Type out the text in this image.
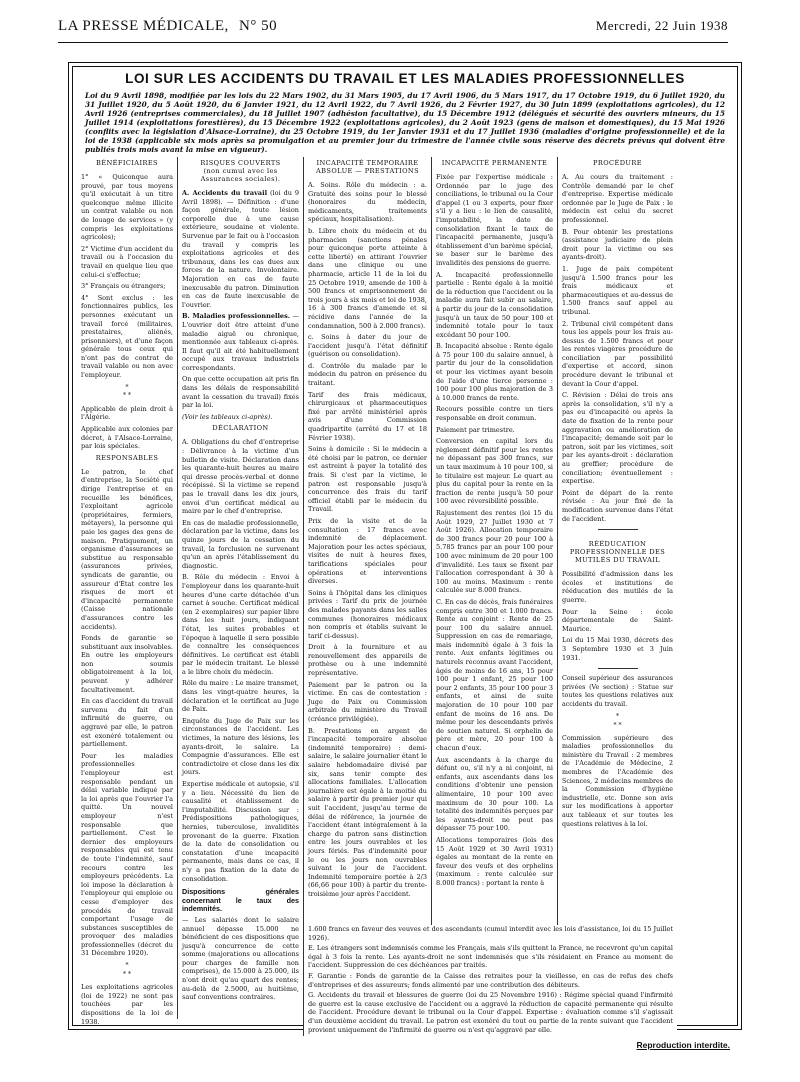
LA PRESSE MÉDICALE, N° 50	Mercredi, 22 Juin 1938
LOI SUR LES ACCIDENTS DU TRAVAIL ET LES MALADIES PROFESSIONNELLES
Loi du 9 Avril 1898, modifiée par les lois du 22 Mars 1902, du 31 Mars 1905, du 17 Avril 1906, du 5 Mars 1917, du 17 Octobre 1919, du 6 Juillet 1920, du 31 Juillet 1920, du 5 Août 1920, du 6 Janvier 1921, du 12 Avril 1922, du 7 Avril 1926, du 2 Février 1927, du 30 Juin 1899 (exploitations agricoles), du 12 Avril 1926 (entreprises commerciales), du 18 Juillet 1907 (adhésion facultative), du 15 Décembre 1912 (délégués et sécurité des ouvriers mineurs, du 15 Juillet 1914 (exploitations forestières), du 15 Décembre 1922 (exploitations agricoles), du 2 Août 1923 (gens de maison et domestiques), du 15 Mai 1926 (conflits avec la législation d'Alsace-Lorraine), du 25 Octobre 1919, du 1er Janvier 1931 et du 17 Juillet 1936 (maladies d'origine professionnelle) et de la loi de 1938 (applicable six mois après sa promulgation et au premier jour du trimestre de l'année civile sous réserve des décrets prévus qui doivent être publiés trois mois avant la mise en vigueur).
BÉNÉFICIAIRES

1° « Quiconque aura prouvé, par tous moyens qu'il exécutait à un titre quelconque même illicite un contrat valable ou non de louage de services » (y compris les exploitations agricoles);

2° Victime d'un accident du travail ou à l'occasion du travail en quelque lieu que celui-ci s'effectue;

3° Français ou étrangers;

4° Sont exclus : les fonctionnaires publics, les personnes exécutant un travail forcé (militaires, prestataires, aliénés, prisonniers), et d'une façon générale tous ceux qui n'ont pas de contrat de travail valable ou non avec l'employeur.

*
* *

Applicable de plein droit à l'Algérie.

Applicable aux colonies par décret, à l'Alsace-Lorraine, par lois spéciales.

RESPONSABLES

Le patron, le chef d'entreprise, la Société qui dirige l'entreprise et en recueille les bénéfices, l'exploitant agricole (propriétaires, fermiers, métayers), la personne qui paie les gages des gens de maison. Pratiquement, un organisme d'assurances se substitue au responsable (assurances privées, syndicats de garantie, ou assureur d'État contre les risques de mort et d'incapacité permanente (Caisse nationale d'assurances contre les accidents).

Fonds de garantie se substituant aux insolvables. En outre les employeurs non soumis obligatoirement à la loi, peuvent y adhérer facultativement.

En cas d'accident du travail survenu du fait d'un infirmité de guerre, ou aggravé par elle, le patron est exonéré totalement ou partiellement.

Pour les maladies professionnelles l'employeur est responsable pendant un délai variable indiqué par la loi après que l'ouvrier l'a quitté. Un nouvel employeur n'est responsable que partiellement. C'est le dernier des employeurs responsables qui est tenu de toute l'indemnité, sauf recours contre les employeurs précédents. La loi impose la déclaration à l'employeur qui emploie ou cesse d'employer des procédés de travail comportant l'usage de substances susceptibles de provoquer des maladies professionnelles (décret du 31 Décembre 1920).

*
* *

Les exploitations agricoles (loi de 1922) ne sont pas touchées par les dispositions de la loi de 1938.

RISQUES COUVERTS
(non cumul avec les Assurances sociales).

A. Accidents du travail (loi du 9 Avril 1898). — Définition : d'une façon générale, toute lésion corporelle due à une cause extérieure, soudaine et violente. Survenue par le fait ou à l'occasion du travail y compris les exploitations agricoles et des tribunaux, dans les cas dues aux forces de la nature. Involontaire. Majoration en cas de faute inexcusable du patron. Diminution en cas de faute inexcusable de l'ouvrier.

B. Maladies professionnelles. — L'ouvrier doit être atteint d'une maladie aiguë ou chronique, mentionnée aux tableaux ci-après. Il faut qu'il ait été habituellement occupé aux travaux industriels correspondants.

On que cette occupation ait pris fin dans les délais de responsabilité avant la cessation du travail) fixés par la loi.

(Voir les tableaux ci-après).

DÉCLARATION

A. Obligations du chef d'entreprise : Délivrance à la victime d'un bulletin de visite. Déclaration dans les quarante-huit heures au maire qui dresse procès-verbal et donne récépissé. Si la victime se repend pas le travail dans les dix jours, envoi d'un certificat médical au maire par le chef d'entreprise.

En cas de maladie professionnelle, déclaration par la victime, dans les quinze jours de la cessation du travail, la forclusion ne survenant qu'un an après l'établissement du diagnostic.

B. Rôle du médecin : Envoi à l'employeur dans les quarante-huit heures d'une carte détachée d'un carnet à souche. Certificat médical (en 2 exemplaires) sur papier libre dans les huit jours, indiquant l'état, les suites probables et l'époque à laquelle il sera possible de connaître les conséquences définitives. Le certificat est établi par le médecin traitant. Le blessé a le libre choix du médecin.

Rôle du maire : Le maire transmet, dans les vingt-quatre heures, la déclaration et le certificat au Juge de Paix.

Enquête du Juge de Paix sur les circonstances de l'accident. Les victimes, la nature des lésions, les ayants-droit, le salaire. La Compagnie d'assurances. Elle est contradictoire et close dans les dix jours.

Expertise médicale et autopsie, s'il y a lieu. Nécessité du lien de causalité et établissement de l'imputabilité. Discussion sur : Prédispositions pathologiques, hernies, tuberculose, invalidités provenant de la guerre. Fixation de la date de consolidation ou constatation d'une incapacité permanente, mais dans ce cas, il n'y a pas fixation de la date de consolidation.

Dispositions générales concernant le taux des indemnités.

— Les salariés dont le salaire annuel dépasse 15.000 ne bénéficient de ces dispositions que jusqu'à concurrence de cette somme (majorations ou allocations pour charges de famille non comprises), de 15.000 à 25.000, ils n'ont droit qu'au quart des rentes; au-delà de 2.5000, au huitième, sauf conventions contraires.

INCAPACITÉ TEMPORAIRE ABSOLUE — PRESTATIONS

A. Soins. Rôle du médecin : a. Gratuité des soins pour le blessé (honoraires du médecin, médicaments, traitements spéciaux, hospitalisation).

b. Libre choix du médecin et du pharmacien (sanctions pénales pour quiconque porte atteinte à cette liberté) en attirant l'ouvrier dans une clinique ou une pharmacie, article 11 de la loi du 25 Octobre 1919, amende de 100 à 500 francs et emprisonnement de trois jours à six mois et loi de 1938, 16 à 300 francs d'amende et si récidive dans l'année de la condamnation, 500 à 2.000 francs).

c. Soins à dater du jour de l'accident jusqu'à l'état définitif (guérison ou consolidation).

d. Contrôle du malade par le médecin du patron en présence du traitant.

Tarif des frais médicaux, chirurgicaux et pharmaceutiques fixé par arrêté ministériel après avis d'une Commission quadripartite (arrêté du 17 et 18 Février 1938).

Soins à domicile : Si le médecin a été choisi par le patron, ce dernier est astreint à payer la totalité des frais. Si c'est par la victime, le patron est responsable jusqu'à concurrence des frais du tarif officiel établi par le médecin du Travail.

Prix de la visite et de la consultation : 17 francs avec indemnité de déplacement. Majoration pour les actes spéciaux, visites de nuit à heures fixes, tarifications spéciales pour opérations et interventions diverses.

Soins à l'hôpital dans les cliniques privées : Tarif du prix de journée des malades payants dans les salles communes (honoraires médicaux non compris et établis suivant le tarif ci-dessus).

Droit à la fourniture et au renouvellement des appareils de prothèse ou à une indemnité représentative.

Paiement par le patron ou la victime. En cas de contestation : Juge de Paix ou Commission arbitrale du ministère du Travail (créance privilégiée).

B. Prestations en argent de l'incapacité temporaire absolue (indemnité temporaire) : demi-salaire, le salaire journalier étant le salaire hebdomadaire divisé par six, sans tenir compte des allocations familiales. L'allocation journalière est égale à la moitié du salaire à partir du premier jour qui suit l'accident, jusqu'au terme de délai de référence, la journée de l'accident étant intégralement à la charge du patron sans distinction entre les jours ouvrables et les jours fériés. Pas d'indemnité pour le ou les jours non ouvrables suivant le jour de l'accident. Indemnité temporaire portée à 2/3 (66,66 pour 100) à partir du trente-troisième jour après l'accident.

INCAPACITÉ PERMANENTE

Fixée par l'expertise médicale : Ordonnée par le juge des conciliations, le tribunal ou la Cour d'appel (1 ou 3 experts, pour fixer s'il y a lieu : le lien de causalité, l'imputabilité, la date de consolidation fixant le taux de l'incapacité permanente, jusqu'à établissement d'un barème spécial, se baser sur le barème des invalidités des pensions de guerre.

A. Incapacité professionnelle partielle : Rente égale à la moitié de la réduction que l'accident ou la maladie aura fait subir au salaire, à partir du jour de la consolidation jusqu'à un taux de 50 pour 100 et indemnité totale pour le taux excédant 50 pour 100.

B. Incapacité absolue : Rente égale à 75 pour 100 du salaire annuel, à partir du jour de la consolidation et pour les victimes ayant besoin de l'aide d'une tierce personne : 100 pour 100 plus majoration de 3 à 10.000 francs de rente.

Recours possible contre un tiers responsable en droit commun.

Paiement par trimestre.

Conversion en capital lors du règlement définitif pour les rentes ne dépassant pas 300 francs, sur un taux maximum à 10 pour 100, si le titulaire est majeur. Le quart au plus du capital pour la rente en la fraction de rente jusqu'à 50 pour 100 avec réversibilité possible.

Rajustement des rentes (loi 15 du Août 1929, 27 Juillet 1930 et 7 Août 1926). Allocation temporaire de 300 francs pour 20 pour 100 à 5.785 francs par an pour 100 pour 100 avec minimum de 20 pour 100 d'invalidité. Les taux se fixent par l'allocation correspondant à 30 à 100 au moins. Maximum : rente calculée sur 8.000 francs.

C. En cas de décès, frais funéraires compris entre 300 et 1.000 francs. Rente au conjoint : Rente de 25 pour 100 du salaire annuel. Suppression en cas de remariage, mais indemnité égale à 3 fois la rente. Aux enfants légitimes ou naturels reconnus avant l'accident, âgés de moins de 16 ans, 15 pour 100 pour 1 enfant, 25 pour 100 pour 2 enfants, 35 pour 100 pour 3 enfants, et ainsi de suite majoration de 10 pour 100 par enfant de moins de 16 ans. De même pour les descendants privés de soutien naturel. Si orphelin de père et mère, 20 pour 100 à chacun d'eux.

Aux ascendants à la charge du défunt ou, s'il n'y a ni conjoint, ni enfants, aux ascendants dans les conditions d'obtenir une pension alimentaire, 10 pour 100 avec maximum de 30 pour 100. La totalité des indemnités perçues par les ayants-droit ne peut pas dépasser 75 pour 100.

Allocations temporaires (lois des 15 Août 1929 et 30 Avril 1931) égales au montant de la rente en faveur des veufs et des orphelins (maximum : rente calculée sur 8.000 francs) : portant la rente à

PROCÉDURE

A. Au cours du traitement : Contrôle demandé par le chef d'entreprise. Expertise médicale ordonnée par le Juge de Paix : le médecin est celui du secret professionnel.

B. Pour obtenir les prestations (assistance judiciaire de plein droit pour la victime ou ses ayants-droit).

1. Juge de paix compétent jusqu'à 1.500 francs pour les frais médicaux et pharmaceutiques et au-dessus de 1.500 francs sauf appel au tribunal.

2. Tribunal civil compétent dans tous les appels pour les frais au-dessus de 1.500 francs et pour les rentes viagères procédure de conciliation par possibilité d'expertise et accord, sinon procédure devant le tribunal et devant la Cour d'appel.

C. Révision : Délai de trois ans après la consolidation, s'il n'y a pas eu d'incapacité ou après la date de fixation de la rente pour aggravation ou amélioration de l'incapacité; demande soit par le patron, soit par les victimes, soit par les ayants-droit : déclaration au greffier; procédure de conciliation; éventuellement : expertise.

Point de départ de la rente révisée : Au jour fixé de la modification survenue dans l'état de l'accident.

RÉÉDUCATION PROFESSIONNELLE DES MUTILÉS DU TRAVAIL

Possibilité d'admission dans les écoles et institutions de rééducation des mutilés de la guerre.

Pour la Seine : école départementale de Saint-Maurice.

Loi du 15 Mai 1930, décrets des 3 Septembre 1930 et 3 Juin 1931.

Conseil supérieur des assurances privées (Ve section) : Statue sur toutes les questions relatives aux accidents du travail.

*
* *

Commission supérieure des maladies professionnelles du ministère du Travail : 2 membres de l'Académie de Médecine, 2 membres de l'Académie des Sciences, 2 médecins membres de la Commission d'hygiène industrielle, etc. Donne son avis sur les modifications à apporter aux tableaux et sur toutes les questions relatives à la loi.

1.600 francs en faveur des veuves et des ascendants (cumul interdit avec les lois d'assistance, loi du 15 Juillet 1926).

E. Les étrangers sont indemnisés comme les Français, mais s'ils quittent la France, ne recevront qu'un capital égal à 3 fois la rente. Les ayants-droit ne sont indemnisés que s'ils résidaient en France au moment de l'accident. Suppression de ces déchéances par traités.

F. Garantie : Fonds de garantie de la Caisse des retraites pour la vieillesse, en cas de refus des chefs d'entreprises et des assureurs; fonds alimenté par une contribution des débiteurs.

G. Accidents du travail et blessures de guerre (loi du 25 Novembre 1916) : Régime spécial quand l'infirmité de guerre est la cause exclusive de l'accident ou a aggravé la réduction de capacité permanente qui résulte de l'accident. Procédure devant le tribunal ou la Cour d'appel. Expertise : évaluation comme s'il s'agissait d'un deuxième accident du travail. Le patron est exonéré du tout ou partie de la rente suivant que l'accident provient uniquement de l'infirmité de guerre ou n'est qu'aggravé par elle.

Reproduction interdite.
